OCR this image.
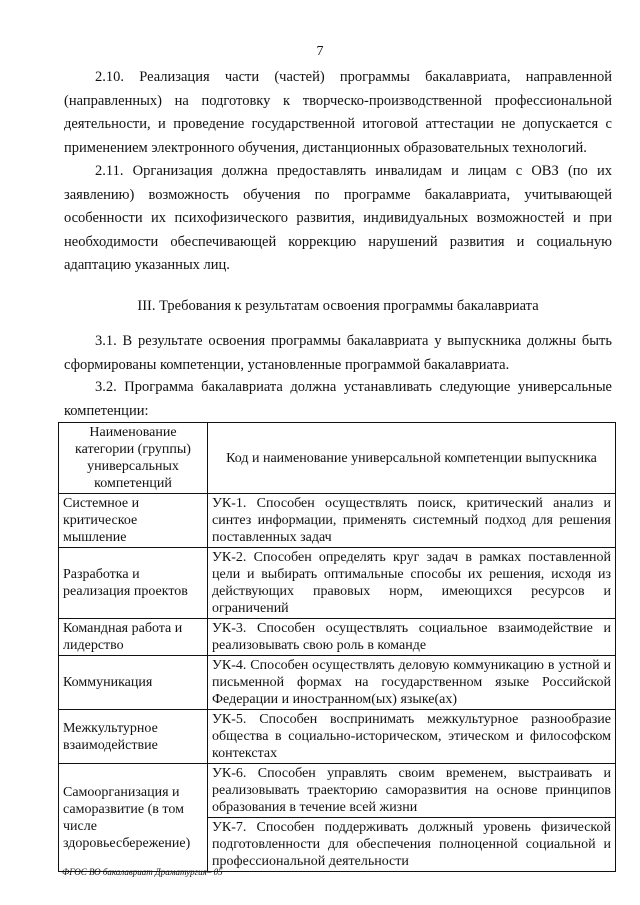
7

2.10. Реализация части (частей) программы бакалавриата, направленной (направленных) на подготовку к творческо-производственной профессиональной деятельности, и проведение государственной итоговой аттестации не допускается с применением электронного обучения, дистанционных образовательных технологий.

2.11. Организация должна предоставлять инвалидам и лицам с ОВЗ (по их заявлению) возможность обучения по программе бакалавриата, учитывающей особенности их психофизического развития, индивидуальных возможностей и при необходимости обеспечивающей коррекцию нарушений развития и социальную адаптацию указанных лиц.

III. Требования к результатам освоения программы бакалавриата

3.1. В результате освоения программы бакалавриата у выпускника должны быть сформированы компетенции, установленные программой бакалавриата.

3.2. Программа бакалавриата должна устанавливать следующие универсальные компетенции:

Наименование категории (группы) универсальных компетенций	Код и наименование универсальной компетенции выпускника
Системное и критическое мышление	УК-1. Способен осуществлять поиск, критический анализ и синтез информации, применять системный подход для решения поставленных задач
Разработка и реализация проектов	УК-2. Способен определять круг задач в рамках поставленной цели и выбирать оптимальные способы их решения, исходя из действующих правовых норм, имеющихся ресурсов и ограничений
Командная работа и лидерство	УК-3. Способен осуществлять социальное взаимодействие и реализовывать свою роль в команде
Коммуникация	УК-4. Способен осуществлять деловую коммуникацию в устной и письменной формах на государственном языке Российской Федерации и иностранном(ых) языке(ах)
Межкультурное взаимодействие	УК-5. Способен воспринимать межкультурное разнообразие общества в социально-историческом, этическом и философском контекстах
Самоорганизация и саморазвитие (в том числе здоровьесбережение)	УК-6. Способен управлять своим временем, выстраивать и реализовывать траекторию саморазвития на основе принципов образования в течение всей жизни
	УК-7. Способен поддерживать должный уровень физической подготовленности для обеспечения полноценной социальной и профессиональной деятельности
ФГОС ВО бакалавриат Драматургия– 05
